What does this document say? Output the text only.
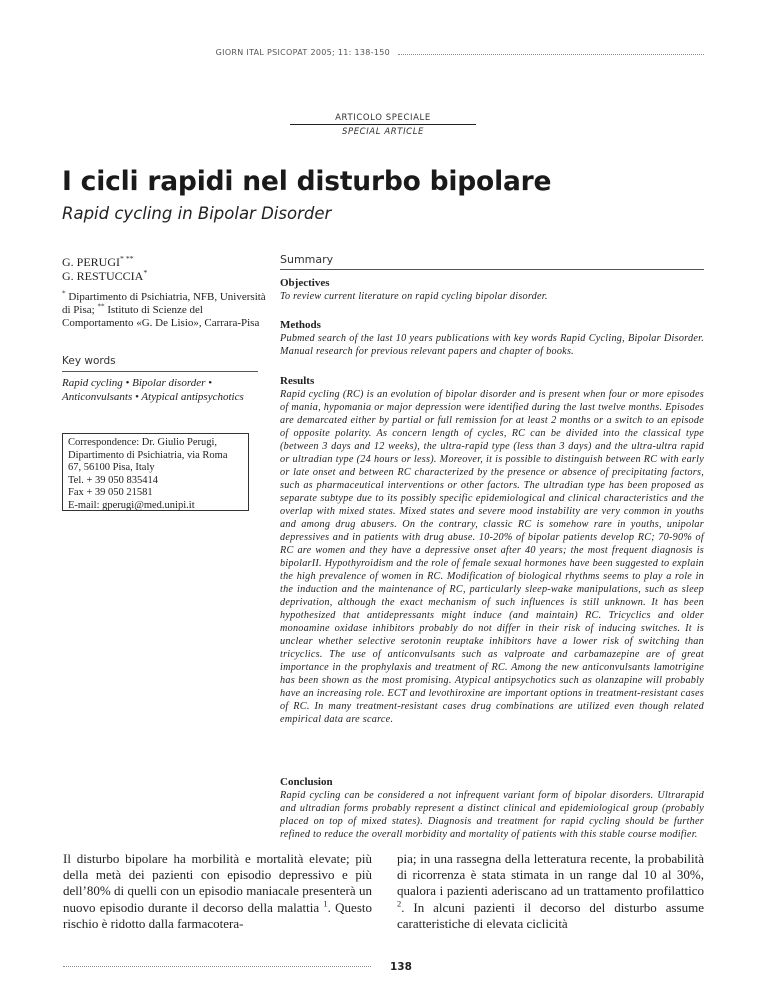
GIORN ITAL PSICOPAT 2005; 11: 138-150
ARTICOLO SPECIALE
SPECIAL ARTICLE
I cicli rapidi nel disturbo bipolare
Rapid cycling in Bipolar Disorder
G. PERUGI* **
G. RESTUCCIA*
* Dipartimento di Psichiatria, NFB, Università di Pisa; ** Istituto di Scienze del Comportamento «G. De Lisio», Carrara-Pisa
Key words
Rapid cycling • Bipolar disorder • Anticonvulsants • Atypical antipsychotics
Correspondence: Dr. Giulio Perugi, Dipartimento di Psichiatria, via Roma 67, 56100 Pisa, Italy
Tel. + 39 050 835414
Fax + 39 050 21581
E-mail: gperugi@med.unipi.it
Summary
Objectives
To review current literature on rapid cycling bipolar disorder.
Methods
Pubmed search of the last 10 years publications with key words Rapid Cycling, Bipolar Disorder. Manual research for previous relevant papers and chapter of books.
Results
Rapid cycling (RC) is an evolution of bipolar disorder and is present when four or more episodes of mania, hypomania or major depression were identified during the last twelve months. Episodes are demarcated either by partial or full remission for at least 2 months or a switch to an episode of opposite polarity. As concern length of cycles, RC can be divided into the classical type (between 3 days and 12 weeks), the ultra-rapid type (less than 3 days) and the ultra-ultra rapid or ultradian type (24 hours or less). Moreover, it is possible to distinguish between RC with early or late onset and between RC characterized by the presence or absence of precipitating factors, such as pharmaceutical interventions or other factors. The ultradian type has been proposed as separate subtype due to its possibly specific epidemiological and clinical characteristics and the overlap with mixed states. Mixed states and severe mood instability are very common in youths and among drug abusers. On the contrary, classic RC is somehow rare in youths, unipolar depressives and in patients with drug abuse. 10-20% of bipolar patients develop RC; 70-90% of RC are women and they have a depressive onset after 40 years; the most frequent diagnosis is bipolarII. Hypothyroidism and the role of female sexual hormones have been suggested to explain the high prevalence of women in RC. Modification of biological rhythms seems to play a role in the induction and the maintenance of RC, particularly sleep-wake manipulations, such as sleep deprivation, although the exact mechanism of such influences is still unknown. It has been hypothesized that antidepressants might induce (and maintain) RC. Tricyclics and older monoamine oxidase inhibitors probably do not differ in their risk of inducing switches. It is unclear whether selective serotonin reuptake inhibitors have a lower risk of switching than tricyclics. The use of anticonvulsants such as valproate and carbamazepine are of great importance in the prophylaxis and treatment of RC. Among the new anticonvulsants lamotrigine has been shown as the most promising. Atypical antipsychotics such as olanzapine will probably have an increasing role. ECT and levothiroxine are important options in treatment-resistant cases of RC. In many treatment-resistant cases drug combinations are utilized even though related empirical data are scarce.
Conclusion
Rapid cycling can be considered a not infrequent variant form of bipolar disorders. Ultrarapid and ultradian forms probably represent a distinct clinical and epidemiological group (probably placed on top of mixed states). Diagnosis and treatment for rapid cycling should be further refined to reduce the overall morbidity and mortality of patients with this stable course modifier.
Il disturbo bipolare ha morbilità e mortalità elevate; più della metà dei pazienti con episodio depressivo e più dell’80% di quelli con un episodio maniacale presenterà un nuovo episodio durante il decorso della malattia $^1$. Questo rischio è ridotto dalla farmacotera-
pia; in una rassegna della letteratura recente, la probabilità di ricorrenza è stata stimata in un range dal 10 al 30%, qualora i pazienti aderiscano ad un trattamento profilattico $^2$. In alcuni pazienti il decorso del disturbo assume caratteristiche di elevata ciclicità
138
